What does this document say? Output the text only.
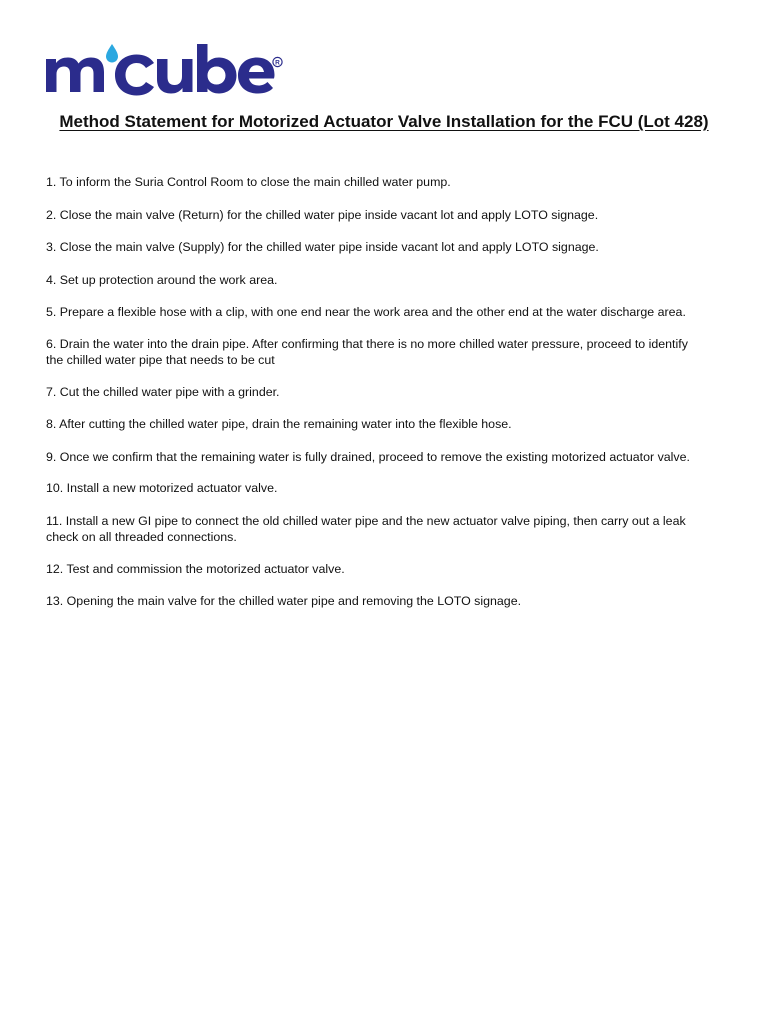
R
Method Statement for Motorized Actuator Valve Installation for the FCU (Lot 428)
1. To inform the Suria Control Room to close the main chilled water pump.
2. Close the main valve (Return) for the chilled water pipe inside vacant lot and apply LOTO signage.
3. Close the main valve (Supply) for the chilled water pipe inside vacant lot and apply LOTO signage.
4. Set up protection around the work area.
5. Prepare a flexible hose with a clip, with one end near the work area and the other end at the water discharge area.
6. Drain the water into the drain pipe. After confirming that there is no more chilled water pressure, proceed to identify the chilled water pipe that needs to be cut
7. Cut the chilled water pipe with a grinder.
8. After cutting the chilled water pipe, drain the remaining water into the flexible hose.
9. Once we confirm that the remaining water is fully drained, proceed to remove the existing motorized actuator valve.
10. Install a new motorized actuator valve.
11. Install a new GI pipe to connect the old chilled water pipe and the new actuator valve piping, then carry out a leak check on all threaded connections.
12. Test and commission the motorized actuator valve.
13. Opening the main valve for the chilled water pipe and removing the LOTO signage.
